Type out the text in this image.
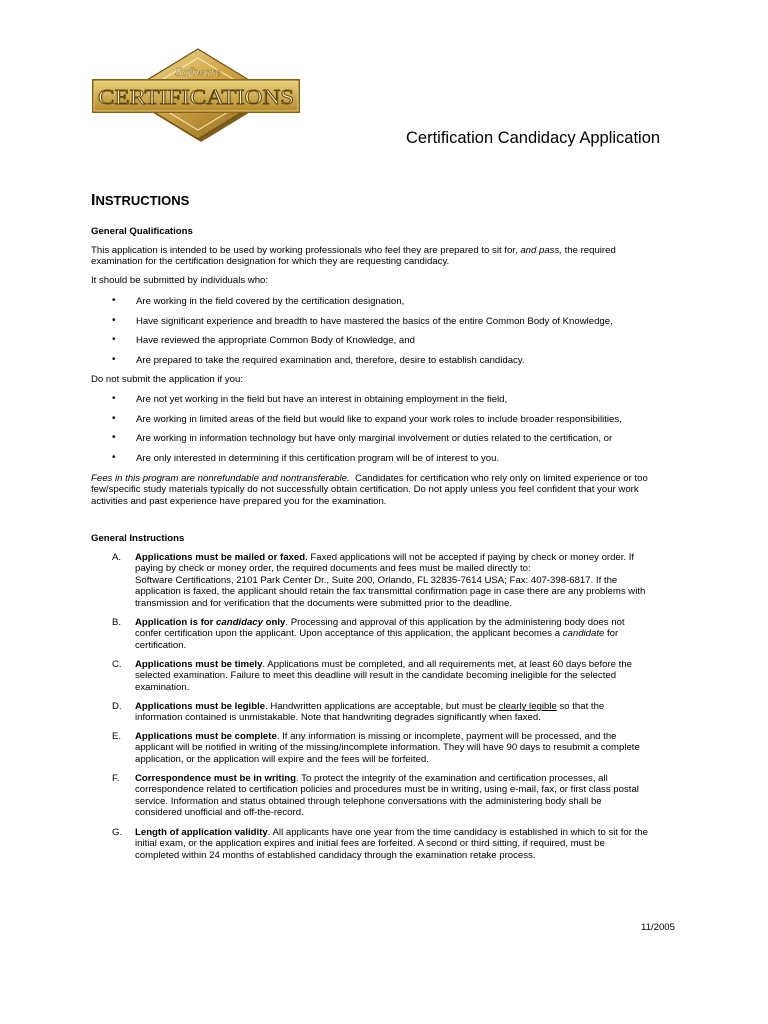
Software
CERTIFICATIONS
Certification Candidacy Application
INSTRUCTIONS
General Qualifications
This application is intended to be used by working professionals who feel they are prepared to sit for, and pass, the required
examination for the certification designation for which they are requesting candidacy.
It should be submitted by individuals who:
• Are working in the field covered by the certification designation,
• Have significant experience and breadth to have mastered the basics of the entire Common Body of Knowledge,
• Have reviewed the appropriate Common Body of Knowledge, and
• Are prepared to take the required examination and, therefore, desire to establish candidacy.
Do not submit the application if you:
• Are not yet working in the field but have an interest in obtaining employment in the field,
• Are working in limited areas of the field but would like to expand your work roles to include broader responsibilities,
• Are working in information technology but have only marginal involvement or duties related to the certification, or
• Are only interested in determining if this certification program will be of interest to you.
Fees in this program are nonrefundable and nontransferable. Candidates for certification who rely only on limited experience or too
few/specific study materials typically do not successfully obtain certification. Do not apply unless you feel confident that your work
activities and past experience have prepared you for the examination.
General Instructions
A. Applications must be mailed or faxed. Faxed applications will not be accepted if paying by check or money order. If
paying by check or money order, the required documents and fees must be mailed directly to:
Software Certifications, 2101 Park Center Dr., Suite 200, Orlando, FL 32835-7614 USA; Fax: 407-398-6817. If the
application is faxed, the applicant should retain the fax transmittal confirmation page in case there are any problems with
transmission and for verification that the documents were submitted prior to the deadline.
B. Application is for candidacy only. Processing and approval of this application by the administering body does not
confer certification upon the applicant. Upon acceptance of this application, the applicant becomes a candidate for
certification.
C. Applications must be timely. Applications must be completed, and all requirements met, at least 60 days before the
selected examination. Failure to meet this deadline will result in the candidate becoming ineligible for the selected
examination.
D. Applications must be legible. Handwritten applications are acceptable, but must be clearly legible so that the
information contained is unmistakable. Note that handwriting degrades significantly when faxed.
E. Applications must be complete. If any information is missing or incomplete, payment will be processed, and the
applicant will be notified in writing of the missing/incomplete information. They will have 90 days to resubmit a complete
application, or the application will expire and the fees will be forfeited.
F. Correspondence must be in writing. To protect the integrity of the examination and certification processes, all
correspondence related to certification policies and procedures must be in writing, using e-mail, fax, or first class postal
service. Information and status obtained through telephone conversations with the administering body shall be
considered unofficial and off-the-record.
G. Length of application validity. All applicants have one year from the time candidacy is established in which to sit for the
initial exam, or the application expires and initial fees are forfeited. A second or third sitting, if required, must be
completed within 24 months of established candidacy through the examination retake process.
11/2005
